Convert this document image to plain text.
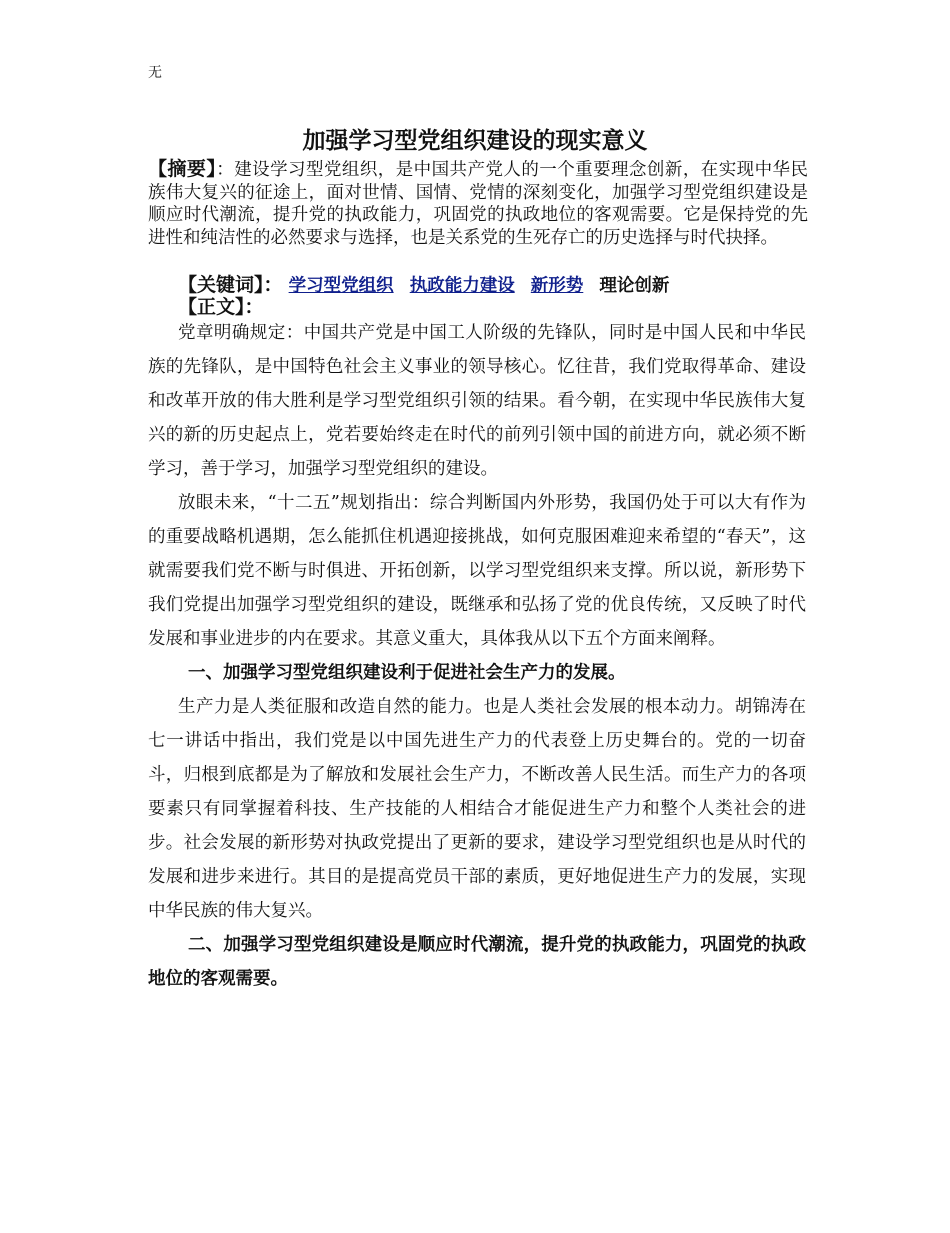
无
加强学习型党组织建设的现实意义

【摘要】：建设学习型党组织，是中国共产党人的一个重要理念创新，在实现中华民族伟大复兴的征途上，面对世情、国情、党情的深刻变化，加强学习型党组织建设是顺应时代潮流，提升党的执政能力，巩固党的执政地位的客观需要。它是保持党的先进性和纯洁性的必然要求与选择，也是关系党的生死存亡的历史选择与时代抉择。

【关键词】： 学习型党组织 执政能力建设 新形势 理论创新
【正文】：

党章明确规定：中国共产党是中国工人阶级的先锋队，同时是中国人民和中华民族的先锋队，是中国特色社会主义事业的领导核心。忆往昔，我们党取得革命、建设和改革开放的伟大胜利是学习型党组织引领的结果。看今朝，在实现中华民族伟大复兴的新的历史起点上，党若要始终走在时代的前列引领中国的前进方向，就必须不断学习，善于学习，加强学习型党组织的建设。

放眼未来，“十二五”规划指出：综合判断国内外形势，我国仍处于可以大有作为的重要战略机遇期，怎么能抓住机遇迎接挑战，如何克服困难迎来希望的“春天”，这就需要我们党不断与时俱进、开拓创新，以学习型党组织来支撑。所以说，新形势下我们党提出加强学习型党组织的建设，既继承和弘扬了党的优良传统，又反映了时代发展和事业进步的内在要求。其意义重大，具体我从以下五个方面来阐释。

一、加强学习型党组织建设利于促进社会生产力的发展。

生产力是人类征服和改造自然的能力。也是人类社会发展的根本动力。胡锦涛在七一讲话中指出，我们党是以中国先进生产力的代表登上历史舞台的。党的一切奋斗，归根到底都是为了解放和发展社会生产力，不断改善人民生活。而生产力的各项要素只有同掌握着科技、生产技能的人相结合才能促进生产力和整个人类社会的进步。社会发展的新形势对执政党提出了更新的要求，建设学习型党组织也是从时代的发展和进步来进行。其目的是提高党员干部的素质，更好地促进生产力的发展，实现中华民族的伟大复兴。

二、加强学习型党组织建设是顺应时代潮流，提升党的执政能力，巩固党的执政地位的客观需要。
